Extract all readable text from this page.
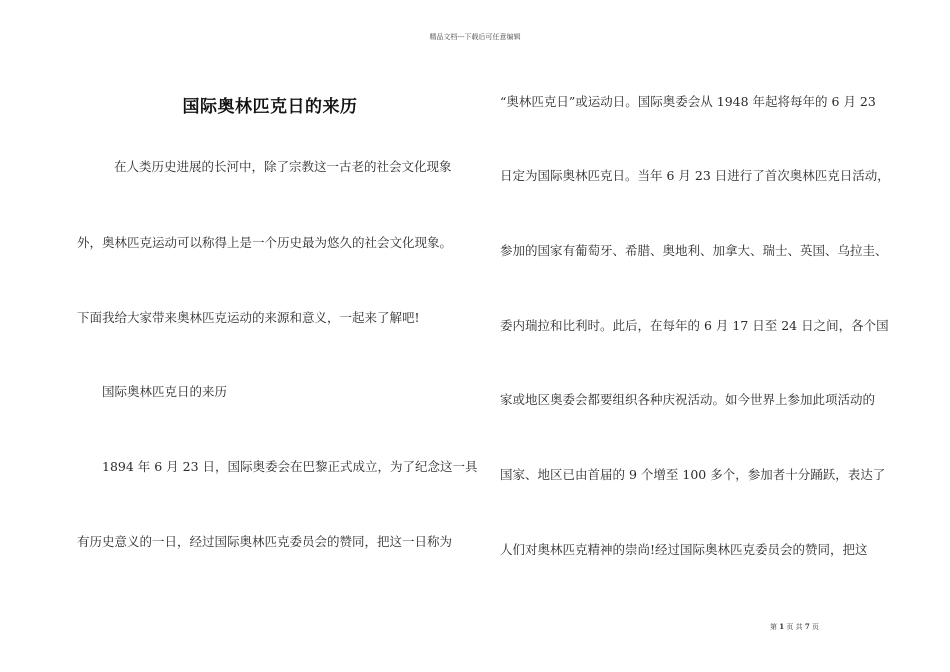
精品文档---下载后可任意编辑
国际奥林匹克日的来历
在人类历史进展的长河中，除了宗教这一古老的社会文化现象
外，奥林匹克运动可以称得上是一个历史最为悠久的社会文化现象。
下面我给大家带来奥林匹克运动的来源和意义，一起来了解吧!
国际奥林匹克日的来历
1894 年 6 月 23 日，国际奥委会在巴黎正式成立，为了纪念这一具
有历史意义的一日，经过国际奥林匹克委员会的赞同，把这一日称为
“奥林匹克日”或运动日。国际奥委会从 1948 年起将每年的 6 月 23
日定为国际奥林匹克日。当年 6 月 23 日进行了首次奥林匹克日活动，
参加的国家有葡萄牙、希腊、奥地利、加拿大、瑞士、英国、乌拉圭、
委内瑞拉和比利时。此后，在每年的 6 月 17 日至 24 日之间，各个国
家或地区奥委会都要组织各种庆祝活动。如今世界上参加此项活动的
国家、地区已由首届的 9 个增至 100 多个，参加者十分踊跃，表达了
人们对奥林匹克精神的崇尚!经过国际奥林匹克委员会的赞同，把这
第 1 页 共 7 页
